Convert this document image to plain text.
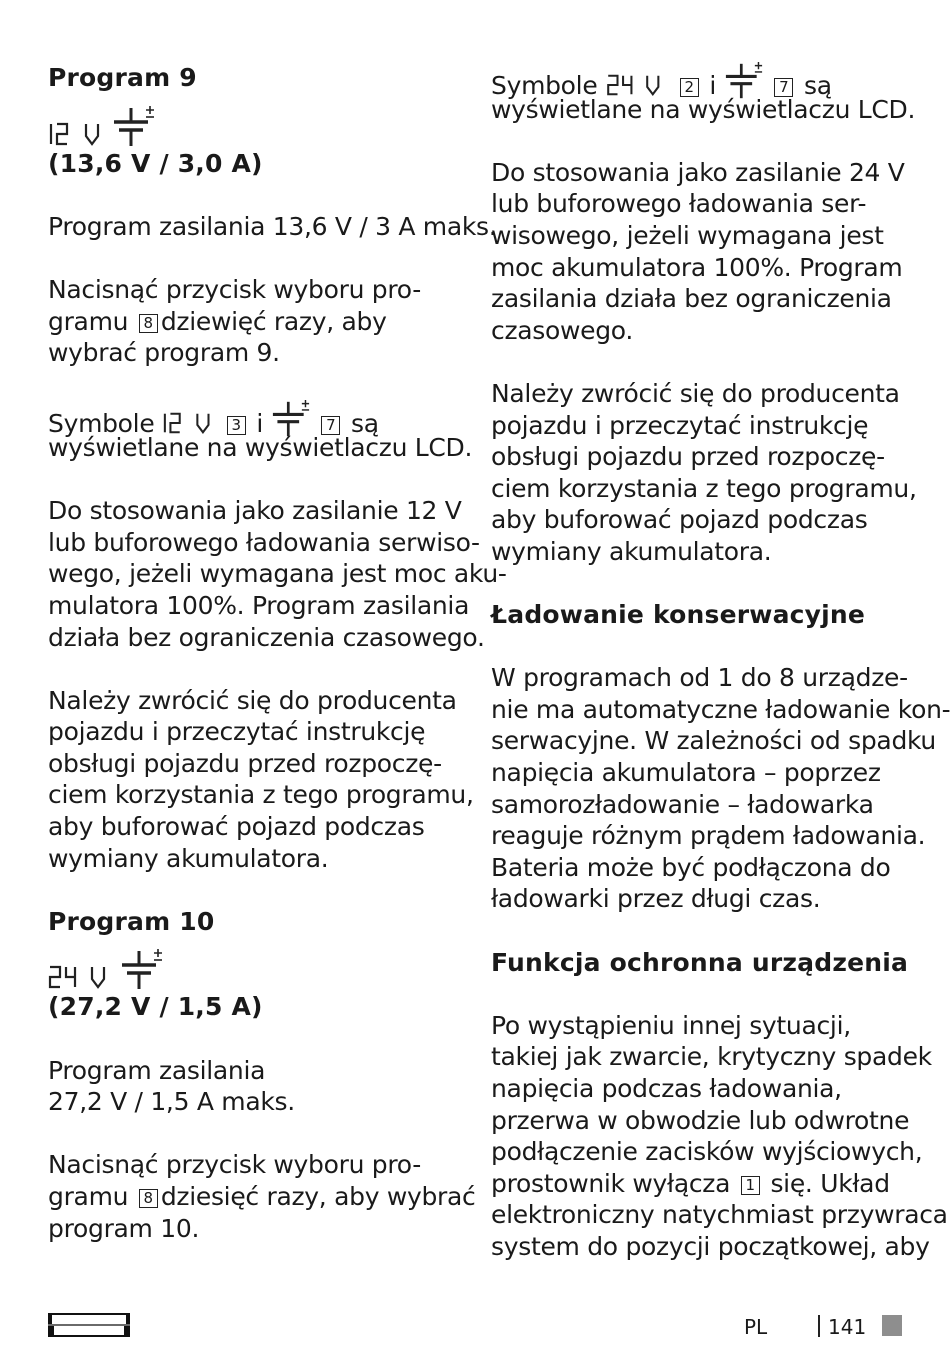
Program 9

(13,6 V / 3,0 A)

Program zasilania 13,6 V / 3 A maks.

Nacisnąć przycisk wyboru pro-

gramu 8 dziewięć razy, aby

wybrać program 9.

Symbole	3 i	7 są

wyświetlane na wyświetlaczu LCD.

Do stosowania jako zasilanie 12 V

lub buforowego ładowania serwiso-

wego, jeżeli wymagana jest moc aku-

mulatora 100%. Program zasilania

działa bez ograniczenia czasowego.

Należy zwrócić się do producenta

pojazdu i przeczytać instrukcję

obsługi pojazdu przed rozpoczę-

ciem korzystania z tego programu,

aby buforować pojazd podczas

wymiany akumulatora.

Program 10

(27,2 V / 1,5 A)

Program zasilania

27,2 V / 1,5 A maks.

Nacisnąć przycisk wyboru pro-

gramu 8 dziesięć razy, aby wybrać

program 10.

Symbole	2 i	7 są

wyświetlane na wyświetlaczu LCD.

Do stosowania jako zasilanie 24 V

lub buforowego ładowania ser-

wisowego, jeżeli wymagana jest

moc akumulatora 100%. Program

zasilania działa bez ograniczenia

czasowego.

Należy zwrócić się do producenta

pojazdu i przeczytać instrukcję

obsługi pojazdu przed rozpoczę-

ciem korzystania z tego programu,

aby buforować pojazd podczas

wymiany akumulatora.

Ładowanie konserwacyjne

W programach od 1 do 8 urządze-

nie ma automatyczne ładowanie kon-

serwacyjne. W zależności od spadku

napięcia akumulatora – poprzez

samorozładowanie – ładowarka

reaguje różnym prądem ładowania.

Bateria może być podłączona do

ładowarki przez długi czas.

Funkcja ochronna urządzenia

Po wystąpieniu innej sytuacji,

takiej jak zwarcie, krytyczny spadek

napięcia podczas ładowania,

przerwa w obwodzie lub odwrotne

podłączenie zacisków wyjściowych,

prostownik wyłącza 1 się. Układ

elektroniczny natychmiast przywraca

system do pozycji początkowej, aby

PL	141
